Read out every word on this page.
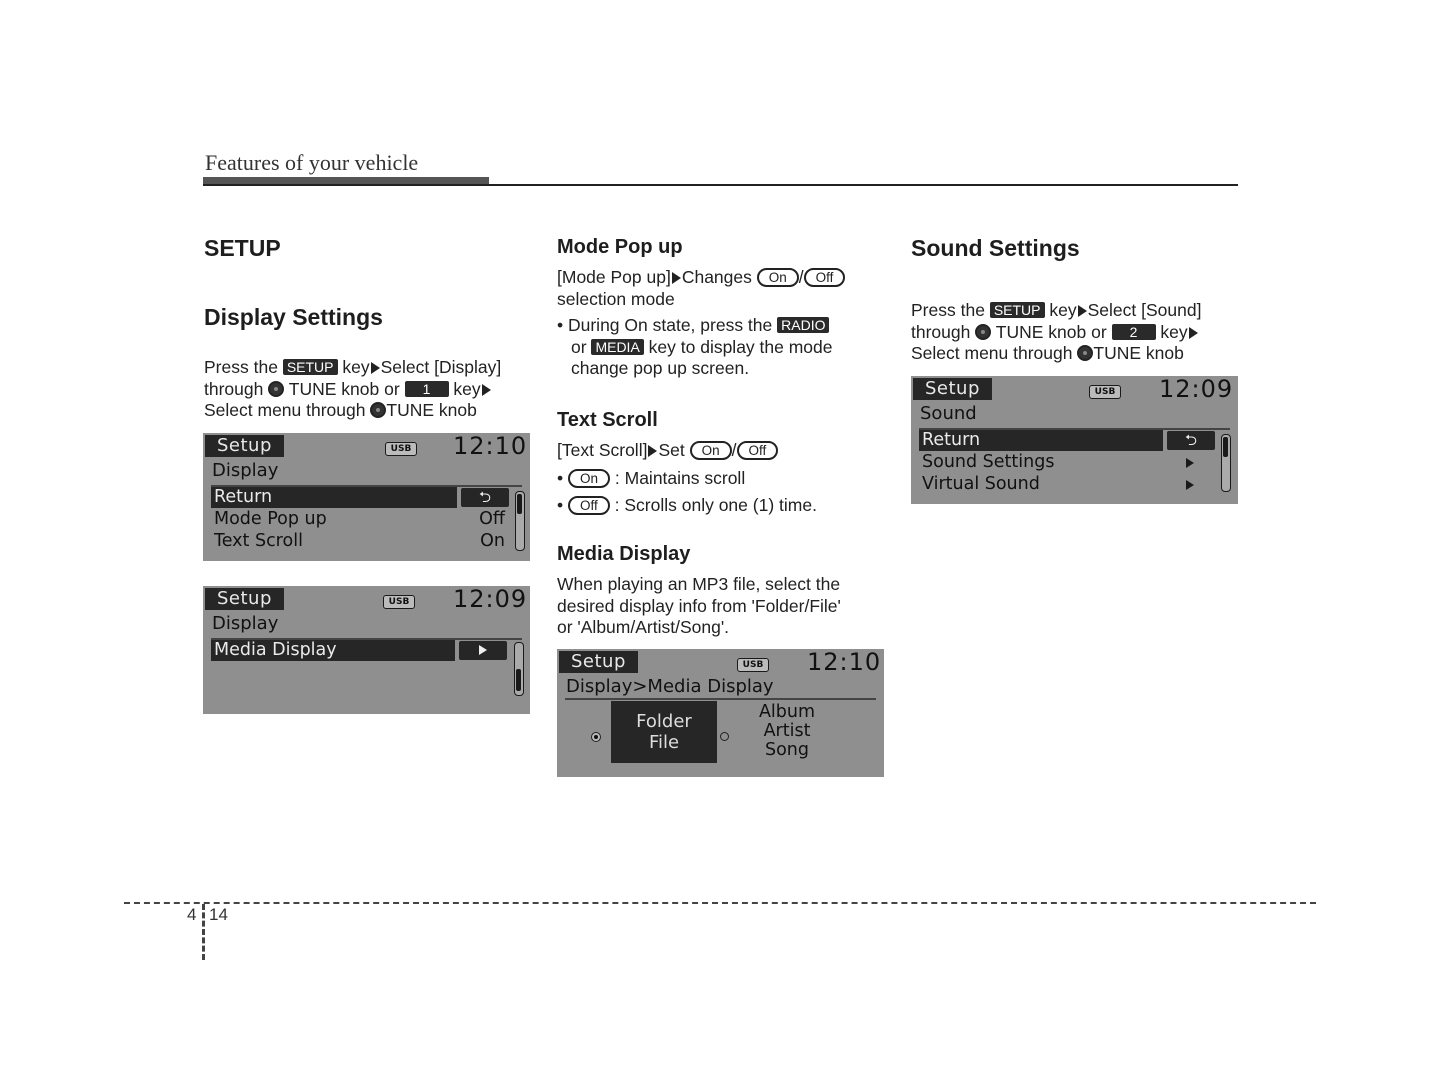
Features of your vehicle
SETUP
Display Settings

Press the SETUP key Select [Display]

through TUNE knob or 1 key

Select menu through TUNE knob

Setup	USB 12:10
Display
Return	⮌
Mode Pop up	Off
Text Scroll	On
Setup	USB 12:09
Display
Media Display
Mode Pop up

[Mode Pop up] Changes On / Off

selection mode

• During On state, press the RADIO

or MEDIA key to display the mode

change pop up screen.

Text Scroll

[Text Scroll] Set On / Off

• On : Maintains scroll

• Off : Scrolls only one (1) time.

Media Display

When playing an MP3 file, select the

desired display info from 'Folder/File'

or 'Album/Artist/Song'.

Setup	USB 12:10
Display>Media Display
Folder
File
Album
Artist
Song
Sound Settings

Press the SETUP key Select [Sound]

through TUNE knob or 2 key

Select menu through TUNE knob

Setup	USB 12:09
Sound
Return	⮌
Sound Settings
Virtual Sound
4 14
